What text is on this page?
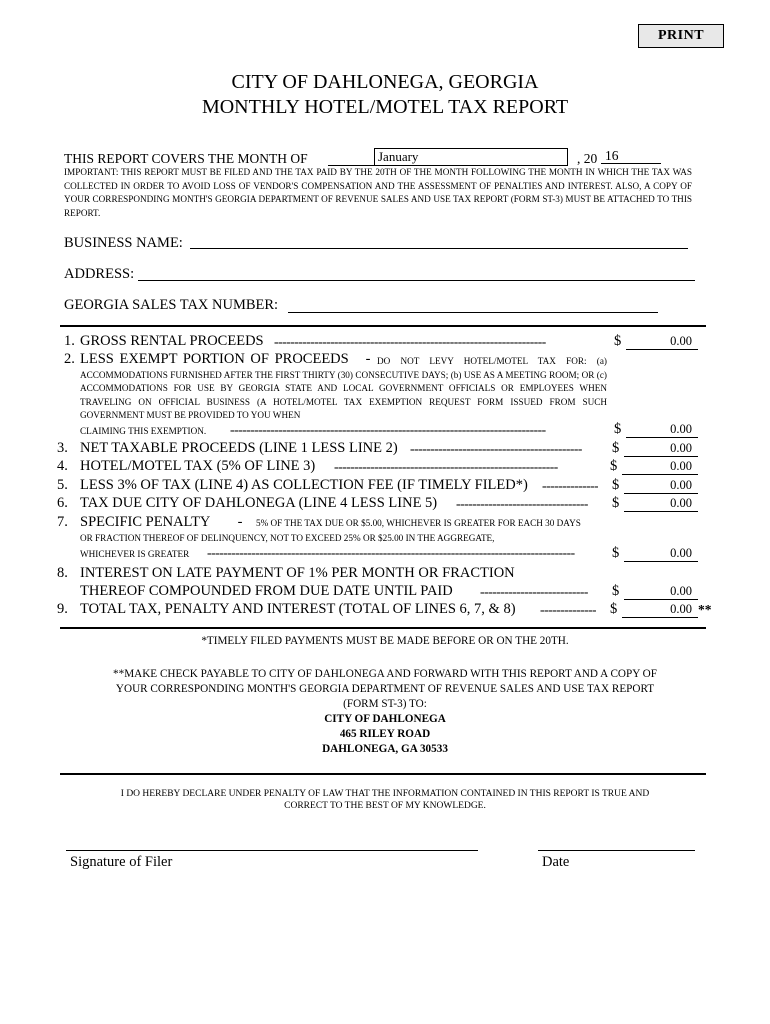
PRINT
CITY OF DAHLONEGA, GEORGIA
MONTHLY HOTEL/MOTEL TAX REPORT
THIS REPORT COVERS THE MONTH OF	January	, 20 16
IMPORTANT: THIS REPORT MUST BE FILED AND THE TAX PAID BY THE 20TH OF THE MONTH FOLLOWING THE MONTH IN WHICH THE TAX WAS COLLECTED IN ORDER TO AVOID LOSS OF VENDOR'S COMPENSATION AND THE ASSESSMENT OF PENALTIES AND INTEREST. ALSO, A COPY OF YOUR CORRESPONDING MONTH'S GEORGIA DEPARTMENT OF REVENUE SALES AND USE TAX REPORT (FORM ST-3) MUST BE ATTACHED TO THIS REPORT.
BUSINESS NAME:
ADDRESS:
GEORGIA SALES TAX NUMBER:
1. GROSS RENTAL PROCEEDS --------------------------------------------------------------------	$	0.00
2. LESS EXEMPT PORTION OF PROCEEDS - DO NOT LEVY HOTEL/MOTEL TAX FOR: (a) ACCOMMODATIONS FURNISHED AFTER THE FIRST THIRTY (30) CONSECUTIVE DAYS; (b) USE AS A MEETING ROOM; OR (c) ACCOMMODATIONS FOR USE BY GEORGIA STATE AND LOCAL GOVERNMENT OFFICIALS OR EMPLOYEES WHEN TRAVELING ON OFFICIAL BUSINESS (A HOTEL/MOTEL TAX EXEMPTION REQUEST FORM ISSUED FROM SUCH GOVERNMENT MUST BE PROVIDED TO YOU WHEN
CLAIMING THIS EXEMPTION. -------------------------------------------------------------------------------	$	0.00
3. NET TAXABLE PROCEEDS (LINE 1 LESS LINE 2) -------------------------------------------	$	0.00
4. HOTEL/MOTEL TAX (5% OF LINE 3) --------------------------------------------------------	$	0.00
5. LESS 3% OF TAX (LINE 4) AS COLLECTION FEE (IF TIMELY FILED*) -------------- $	0.00
6. TAX DUE CITY OF DAHLONEGA (LINE 4 LESS LINE 5) ---------------------------------	$	0.00
7. SPECIFIC PENALTY - 5% OF THE TAX DUE OR $5.00, WHICHEVER IS GREATER FOR EACH 30 DAYS
OR FRACTION THEREOF OF DELINQUENCY, NOT TO EXCEED 25% OR $25.00 IN THE AGGREGATE,
WHICHEVER IS GREATER --------------------------------------------------------------------------------------------	$	0.00
8. INTEREST ON LATE PAYMENT OF 1% PER MONTH OR FRACTION
THEREOF COMPOUNDED FROM DUE DATE UNTIL PAID ---------------------------	$	0.00
9. TOTAL TAX, PENALTY AND INTEREST (TOTAL OF LINES 6, 7, & 8) -------------- $	0.00 **
*TIMELY FILED PAYMENTS MUST BE MADE BEFORE OR ON THE 20TH.
**MAKE CHECK PAYABLE TO CITY OF DAHLONEGA AND FORWARD WITH THIS REPORT AND A COPY OF
YOUR CORRESPONDING MONTH'S GEORGIA DEPARTMENT OF REVENUE SALES AND USE TAX REPORT
(FORM ST-3) TO:
CITY OF DAHLONEGA
465 RILEY ROAD
DAHLONEGA, GA 30533
I DO HEREBY DECLARE UNDER PENALTY OF LAW THAT THE INFORMATION CONTAINED IN THIS REPORT IS TRUE AND
CORRECT TO THE BEST OF MY KNOWLEDGE.
Signature of Filer	Date
